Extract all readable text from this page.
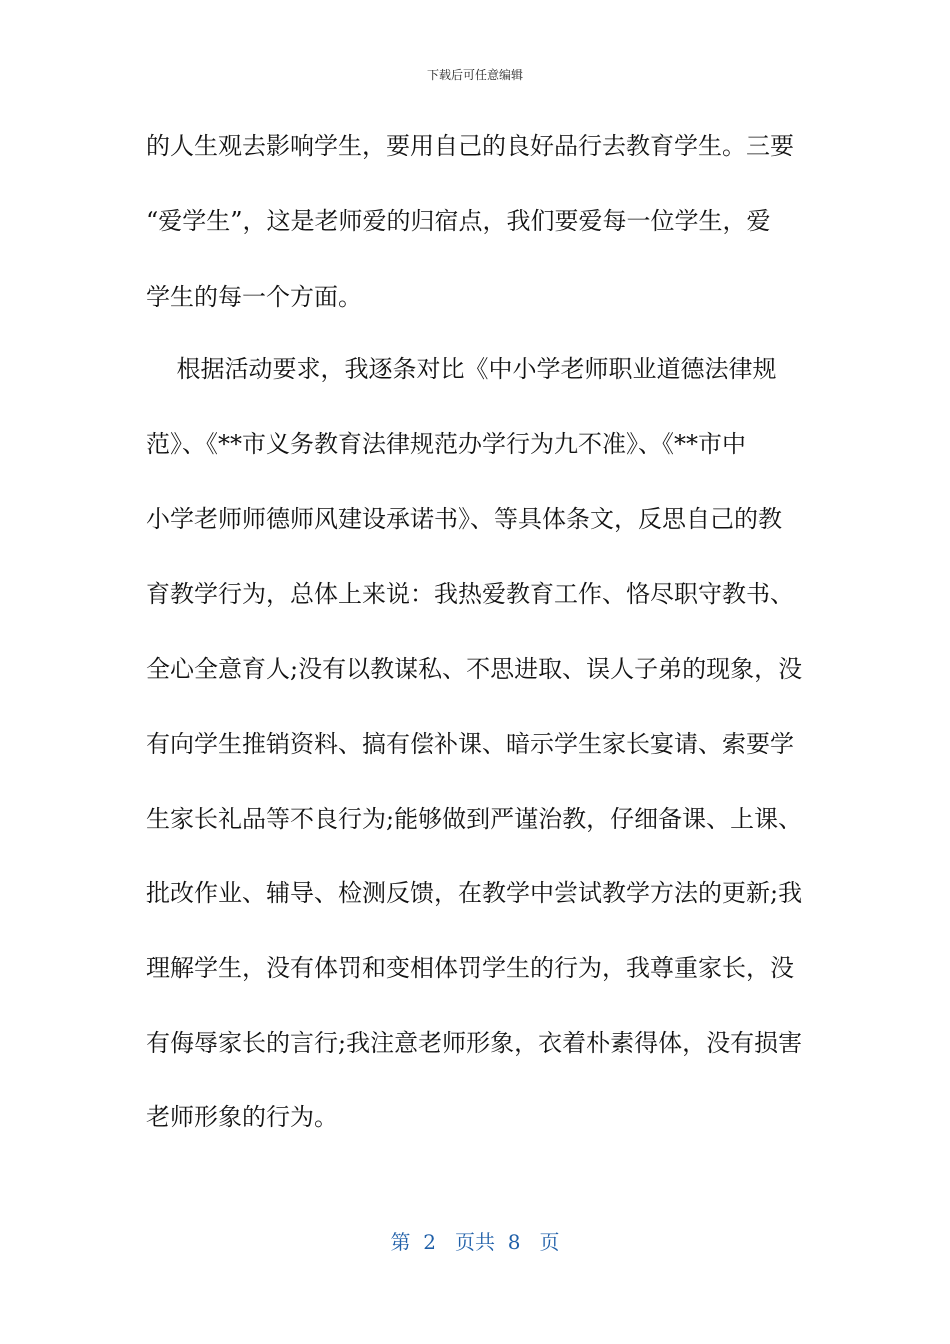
下载后可任意编辑
的人生观去影响学生，要用自己的良好品行去教育学生。三要
“爱学生”，这是老师爱的归宿点，我们要爱每一位学生，爱
学生的每一个方面。
根据活动要求，我逐条对比《中小学老师职业道德法律规
范》、《**市义务教育法律规范办学行为九不准》、《**市中
小学老师师德师风建设承诺书》、等具体条文，反思自己的教
育教学行为，总体上来说：我热爱教育工作、恪尽职守教书、
全心全意育人;没有以教谋私、不思进取、误人子弟的现象，没
有向学生推销资料、搞有偿补课、暗示学生家长宴请、索要学
生家长礼品等不良行为;能够做到严谨治教，仔细备课、上课、
批改作业、辅导、检测反馈，在教学中尝试教学方法的更新;我
理解学生，没有体罚和变相体罚学生的行为，我尊重家长，没
有侮辱家长的言行;我注意老师形象，衣着朴素得体，没有损害
老师形象的行为。
第  2   页共  8   页
